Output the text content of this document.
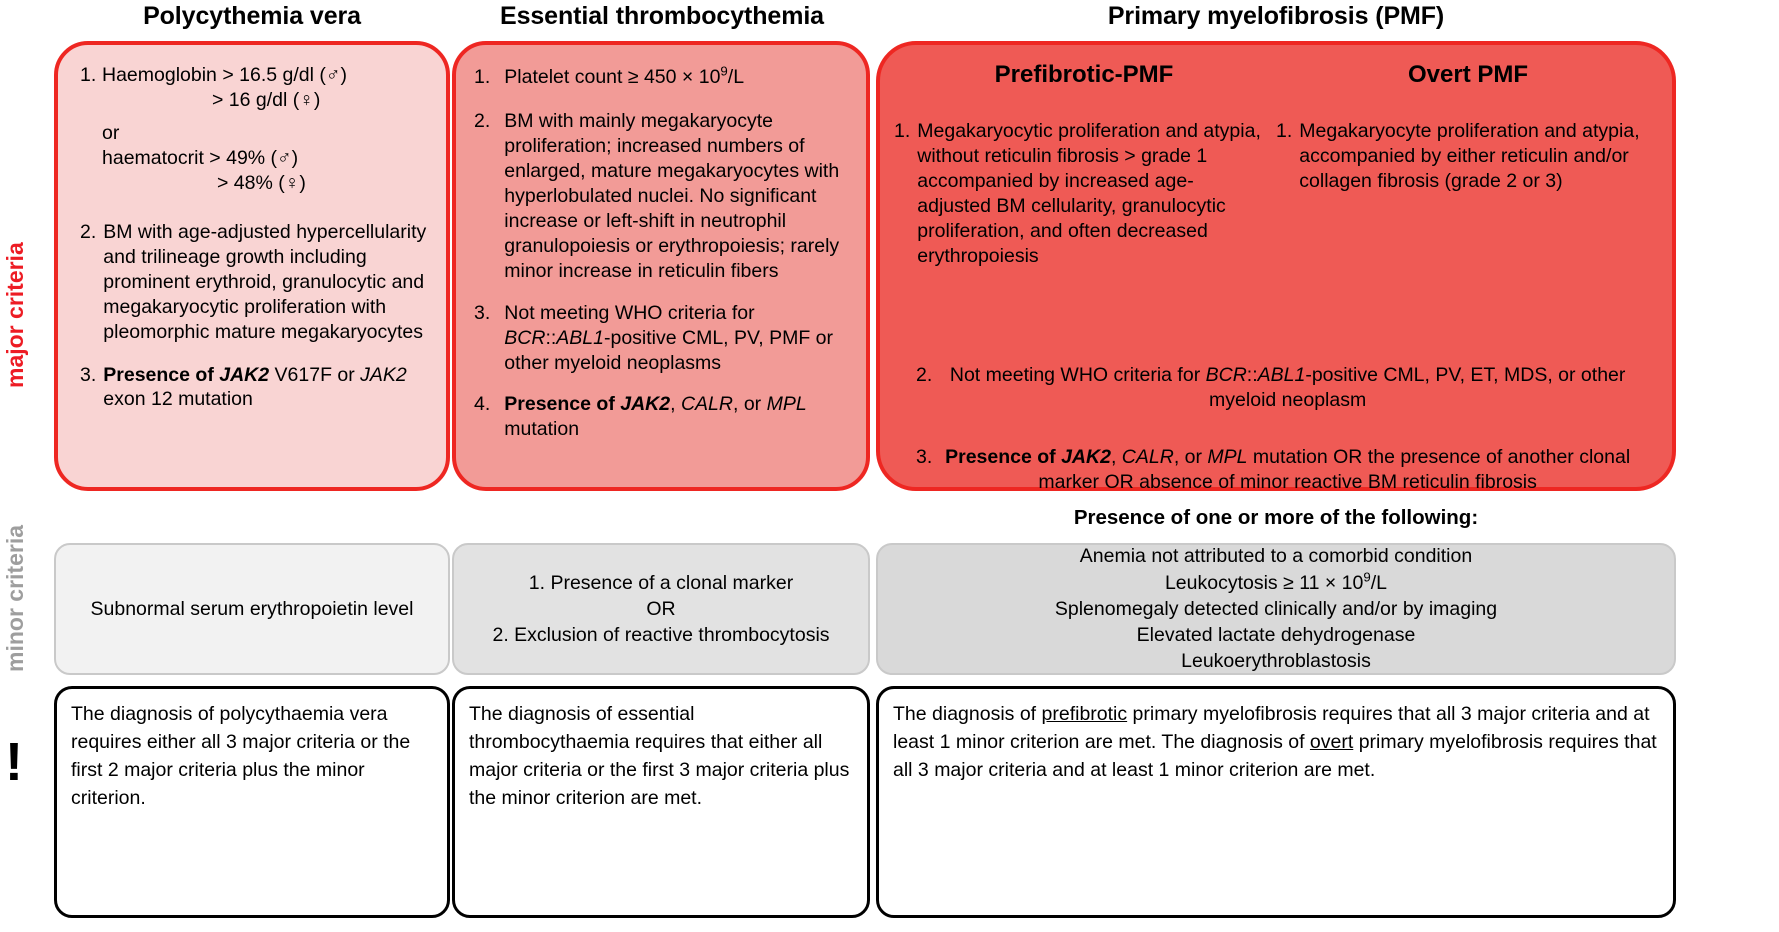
Polycythemia vera	Essential thrombocythemia	Primary myelofibrosis (PMF)
major criteria
minor criteria
!
1. Haemoglobin > 16.5 g/dl (♂)
> 16 g/dl (♀)
or
haematocrit > 49% (♂)
> 48% (♀)
2. BM with age-adjusted hypercellularity and trilineage growth including prominent erythroid, granulocytic and megakaryocytic proliferation with pleomorphic mature megakaryocytes
3. Presence of JAK2 V617F or JAK2 exon 12 mutation
1. Platelet count ≥ $450 \times 10^9/L$
2. BM with mainly megakaryocyte proliferation; increased numbers of enlarged, mature megakaryocytes with hyperlobulated nuclei. No significant increase or left-shift in neutrophil granulopoiesis or erythropoiesis; rarely minor increase in reticulin fibers
3. Not meeting WHO criteria for BCR::ABL1-positive CML, PV, PMF or other myeloid neoplasms
4. Presence of JAK2, CALR, or MPL mutation
Prefibrotic-PMF	Overt PMF
1. Megakaryocytic proliferation and atypia, without reticulin fibrosis > grade 1 accompanied by increased age-adjusted BM cellularity, granulocytic proliferation, and often decreased erythropoiesis
1. Megakaryocyte proliferation and atypia, accompanied by either reticulin and/or collagen fibrosis (grade 2 or 3)
2. Not meeting WHO criteria for BCR::ABL1-positive CML, PV, ET, MDS, or other myeloid neoplasm
3. Presence of JAK2, CALR, or MPL mutation OR the presence of another clonal marker OR absence of minor reactive BM reticulin fibrosis
Presence of one or more of the following:
Subnormal serum erythropoietin level
1. Presence of a clonal marker
OR
2. Exclusion of reactive thrombocytosis
Anemia not attributed to a comorbid condition
Leukocytosis ≥ $11 \times 10^9/L$
Splenomegaly detected clinically and/or by imaging
Elevated lactate dehydrogenase
Leukoerythroblastosis
The diagnosis of polycythaemia vera requires either all 3 major criteria or the first 2 major criteria plus the minor criterion.
The diagnosis of essential thrombocythaemia requires that either all major criteria or the first 3 major criteria plus the minor criterion are met.
The diagnosis of prefibrotic primary myelofibrosis requires that all 3 major criteria and at least 1 minor criterion are met. The diagnosis of overt primary myelofibrosis requires that all 3 major criteria and at least 1 minor criterion are met.
